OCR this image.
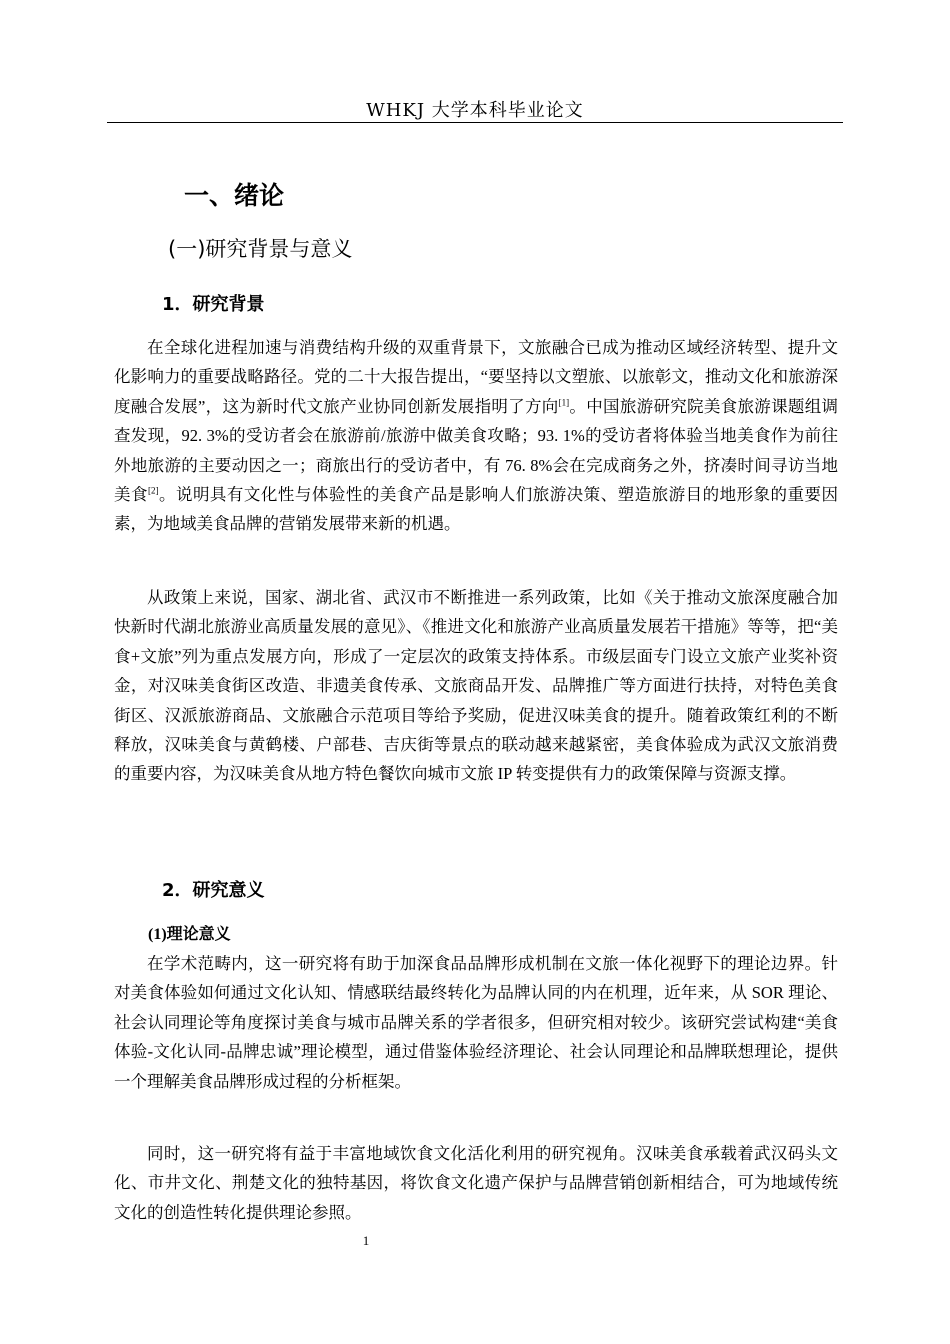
WHKJ 大学本科毕业论文
一、绪论
(一)研究背景与意义
1．研究背景
在全球化进程加速与消费结构升级的双重背景下，文旅融合已成为推动区域经济转型、提升文化影响力的重要战略路径。党的二十大报告提出，“要坚持以文塑旅、以旅彰文，推动文化和旅游深度融合发展”，这为新时代文旅产业协同创新发展指明了方向[1]。中国旅游研究院美食旅游课题组调查发现，92. 3%的受访者会在旅游前/旅游中做美食攻略；93. 1%的受访者将体验当地美食作为前往外地旅游的主要动因之一；商旅出行的受访者中，有 76. 8%会在完成商务之外，挤凑时间寻访当地美食[2]。说明具有文化性与体验性的美食产品是影响人们旅游决策、塑造旅游目的地形象的重要因素，为地域美食品牌的营销发展带来新的机遇。
从政策上来说，国家、湖北省、武汉市不断推进一系列政策，比如《关于推动文旅深度融合加快新时代湖北旅游业高质量发展的意见》、《推进文化和旅游产业高质量发展若干措施》等等，把“美食+文旅”列为重点发展方向，形成了一定层次的政策支持体系。市级层面专门设立文旅产业奖补资金，对汉味美食街区改造、非遗美食传承、文旅商品开发、品牌推广等方面进行扶持，对特色美食街区、汉派旅游商品、文旅融合示范项目等给予奖励，促进汉味美食的提升。随着政策红利的不断释放，汉味美食与黄鹤楼、户部巷、吉庆街等景点的联动越来越紧密，美食体验成为武汉文旅消费的重要内容，为汉味美食从地方特色餐饮向城市文旅 IP 转变提供有力的政策保障与资源支撑。
2．研究意义
(1)理论意义
在学术范畴内，这一研究将有助于加深食品品牌形成机制在文旅一体化视野下的理论边界。针对美食体验如何通过文化认知、情感联结最终转化为品牌认同的内在机理，近年来，从 SOR 理论、社会认同理论等角度探讨美食与城市品牌关系的学者很多，但研究相对较少。该研究尝试构建“美食体验-文化认同-品牌忠诚”理论模型，通过借鉴体验经济理论、社会认同理论和品牌联想理论，提供一个理解美食品牌形成过程的分析框架。
同时，这一研究将有益于丰富地域饮食文化活化利用的研究视角。汉味美食承载着武汉码头文化、市井文化、荆楚文化的独特基因，将饮食文化遗产保护与品牌营销创新相结合，可为地域传统文化的创造性转化提供理论参照。
1
